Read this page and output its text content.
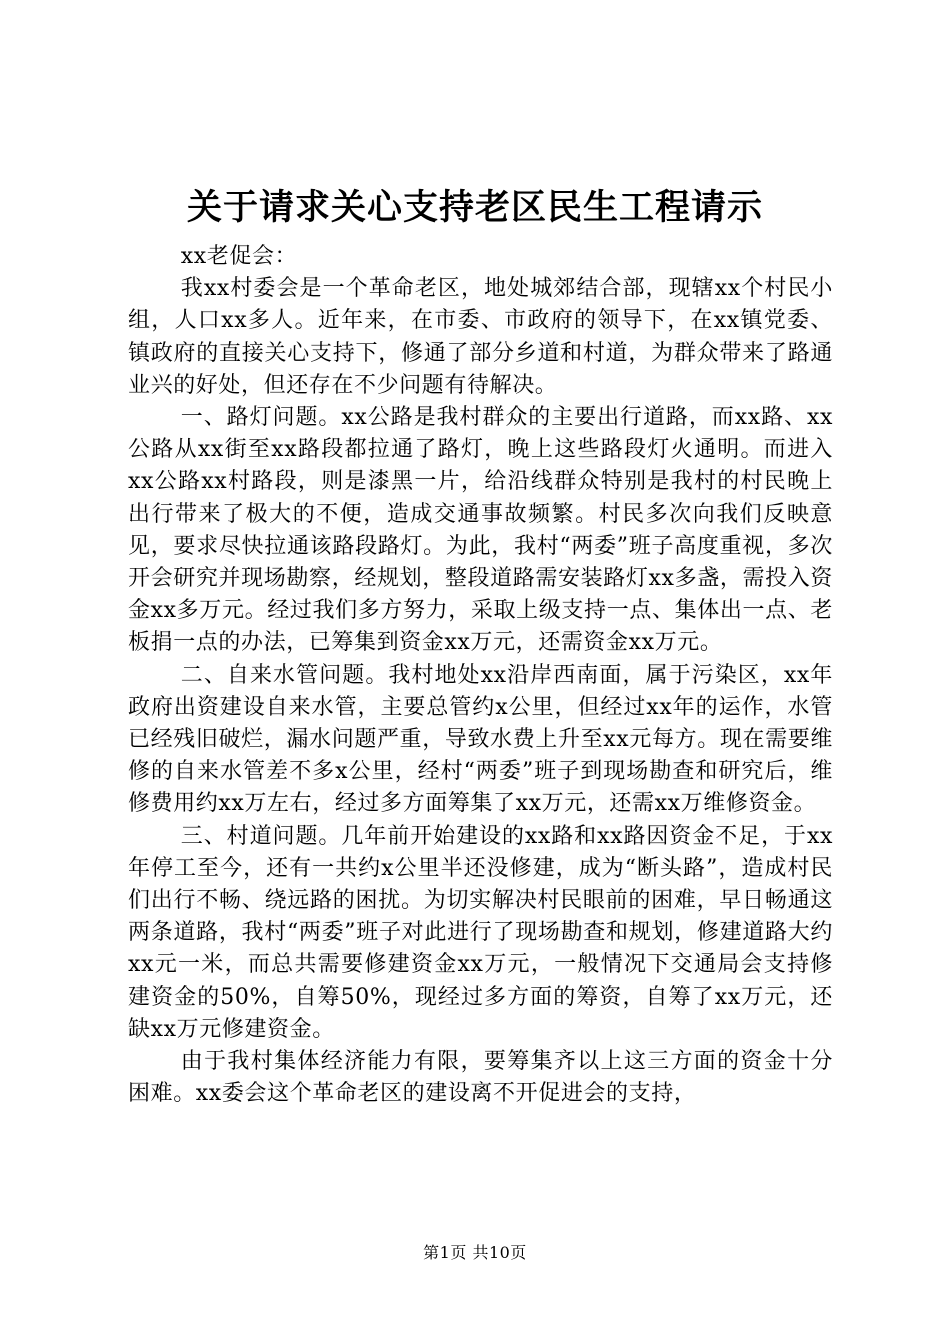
关于请求关心支持老区民生工程请示

xx老促会：

我xx村委会是一个革命老区，地处城郊结合部，现辖xx个村民小组，人口xx多人。近年来，在市委、市政府的领导下，在xx镇党委、镇政府的直接关心支持下，修通了部分乡道和村道，为群众带来了路通业兴的好处，但还存在不少问题有待解决。

一、路灯问题。xx公路是我村群众的主要出行道路，而xx路、xx公路从xx街至xx路段都拉通了路灯，晚上这些路段灯火通明。而进入xx公路xx村路段，则是漆黑一片，给沿线群众特别是我村的村民晚上出行带来了极大的不便，造成交通事故频繁。村民多次向我们反映意见，要求尽快拉通该路段路灯。为此，我村“两委”班子高度重视，多次开会研究并现场勘察，经规划，整段道路需安装路灯xx多盏，需投入资金xx多万元。经过我们多方努力，采取上级支持一点、集体出一点、老板捐一点的办法，已筹集到资金xx万元，还需资金xx万元。

二、自来水管问题。我村地处xx沿岸西南面，属于污染区，xx年政府出资建设自来水管，主要总管约x公里，但经过xx年的运作，水管已经残旧破烂，漏水问题严重，导致水费上升至xx元每方。现在需要维修的自来水管差不多x公里，经村“两委”班子到现场勘查和研究后，维修费用约xx万左右，经过多方面筹集了xx万元，还需xx万维修资金。

三、村道问题。几年前开始建设的xx路和xx路因资金不足，于xx年停工至今，还有一共约x公里半还没修建，成为“断头路”，造成村民们出行不畅、绕远路的困扰。为切实解决村民眼前的困难，早日畅通这两条道路，我村“两委”班子对此进行了现场勘查和规划，修建道路大约xx元一米，而总共需要修建资金xx万元，一般情况下交通局会支持修建资金的50%，自筹50%，现经过多方面的筹资，自筹了xx万元，还缺xx万元修建资金。

由于我村集体经济能力有限，要筹集齐以上这三方面的资金十分困难。xx委会这个革命老区的建设离不开促进会的支持，

第1页 共10页
